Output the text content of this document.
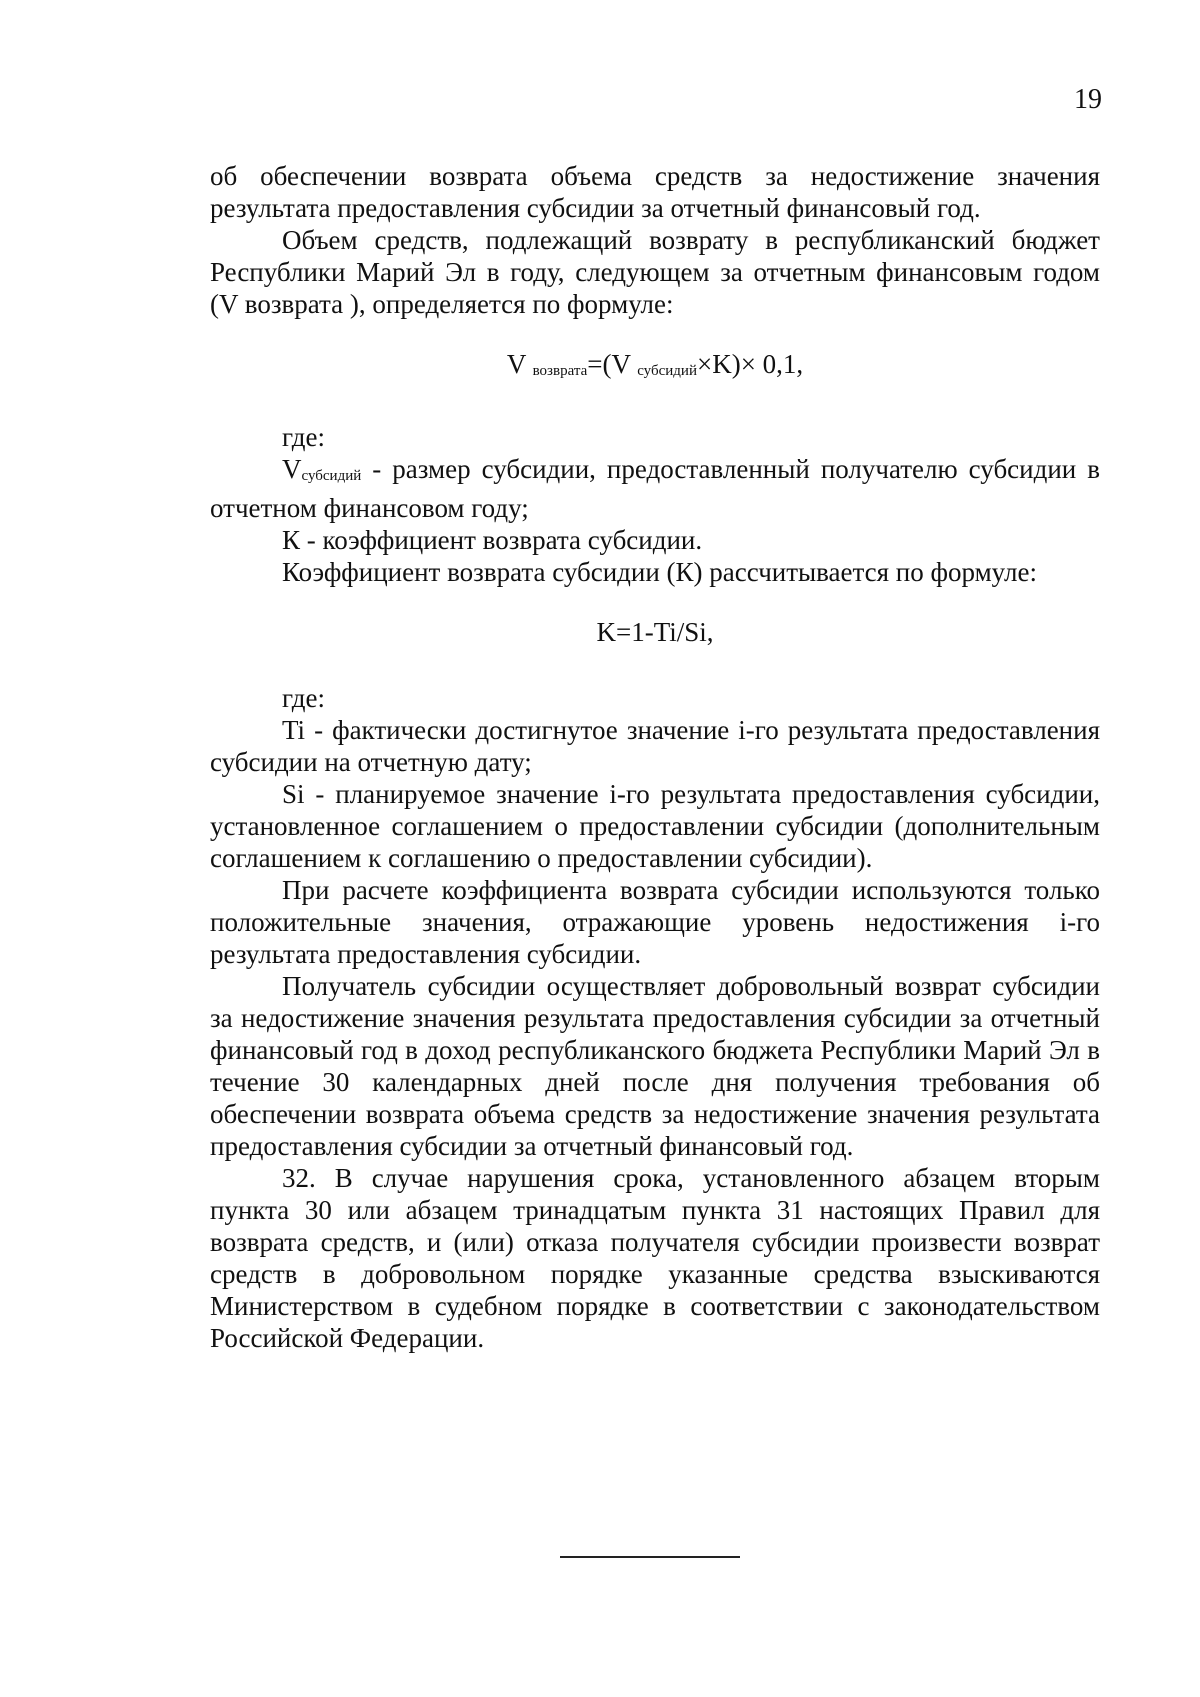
19

об обеспечении возврата объема средств за недостижение значения результата предоставления субсидии за отчетный финансовый год.

Объем средств, подлежащий возврату в республиканский бюджет Республики Марий Эл в году, следующем за отчетным финансовым годом (V возврата ), определяется по формуле:

V $_{возврата}$=(V $_{субсидий}$×K)× 0,1,

где:

$V_{субсидий}$ - размер субсидии, предоставленный получателю субсидии в отчетном финансовом году;

К - коэффициент возврата субсидии.

Коэффициент возврата субсидии (К) рассчитывается по формуле:

K=1-Ti/Si,

где:

Ti - фактически достигнутое значение i-го результата предоставления субсидии на отчетную дату;

Si - планируемое значение i-го результата предоставления субсидии, установленное соглашением о предоставлении субсидии (дополнительным соглашением к соглашению о предоставлении субсидии).

При расчете коэффициента возврата субсидии используются только положительные значения, отражающие уровень недостижения i-го результата предоставления субсидии.

Получатель субсидии осуществляет добровольный возврат субсидии за недостижение значения результата предоставления субсидии за отчетный финансовый год в доход республиканского бюджета Республики Марий Эл в течение 30 календарных дней после дня получения требования об обеспечении возврата объема средств за недостижение значения результата предоставления субсидии за отчетный финансовый год.

32. В случае нарушения срока, установленного абзацем вторым пункта 30 или абзацем тринадцатым пункта 31 настоящих Правил для возврата средств, и (или) отказа получателя субсидии произвести возврат средств в добровольном порядке указанные средства взыскиваются Министерством в судебном порядке в соответствии с законодательством Российской Федерации.
